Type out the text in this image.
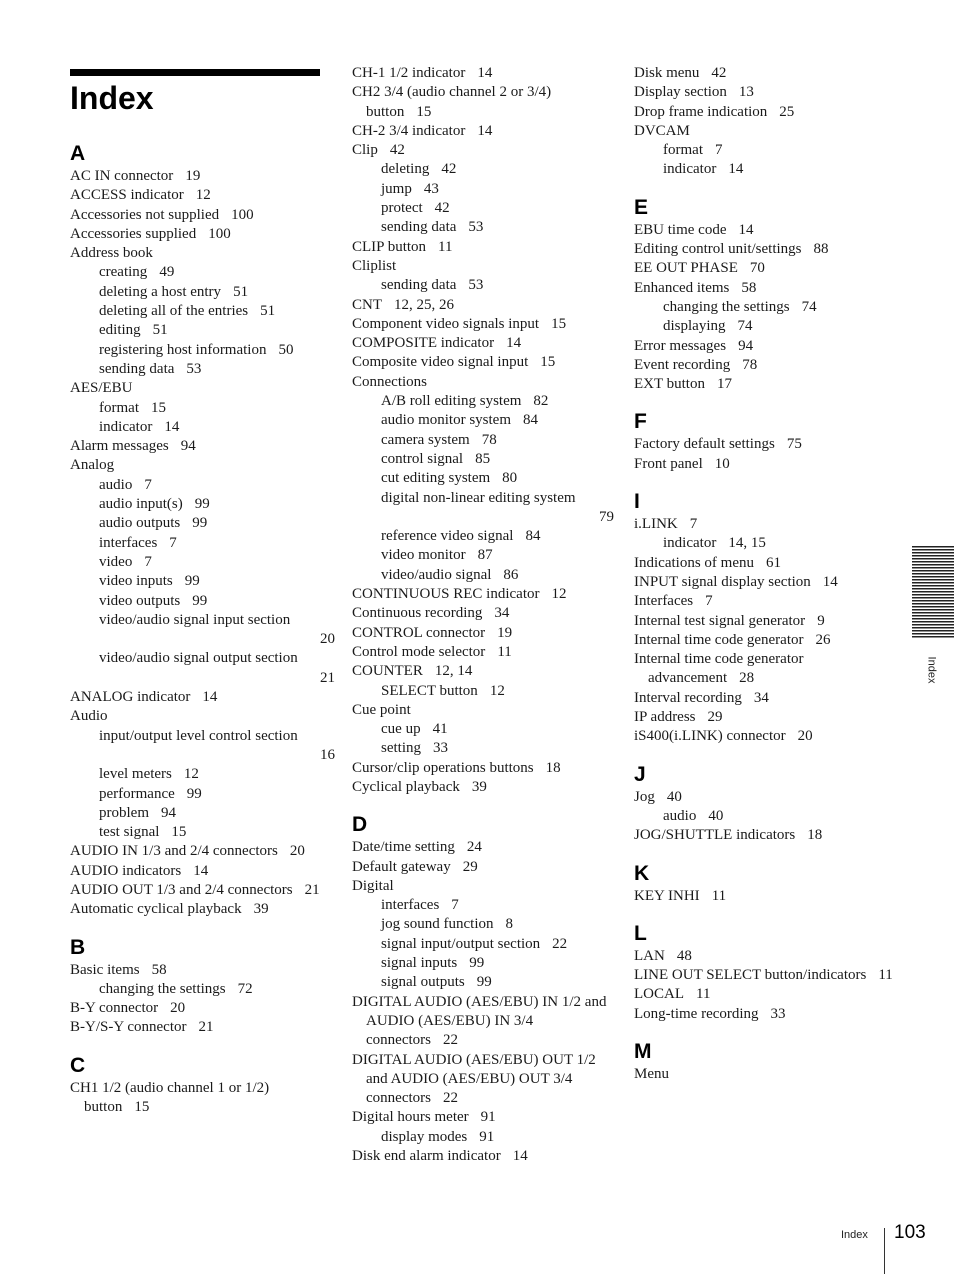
Index
A
AC IN connector 19
ACCESS indicator 12
Accessories not supplied 100
Accessories supplied 100
Address book
creating 49
deleting a host entry 51
deleting all of the entries 51
editing 51
registering host information 50
sending data 53
AES/EBU
format 15
indicator 14
Alarm messages 94
Analog
audio 7
audio input(s) 99
audio outputs 99
interfaces 7
video 7
video inputs 99
video outputs 99
video/audio signal input section
20
video/audio signal output section
21
ANALOG indicator 14
Audio
input/output level control section
16
level meters 12
performance 99
problem 94
test signal 15
AUDIO IN 1/3 and 2/4 connectors 20
AUDIO indicators 14
AUDIO OUT 1/3 and 2/4 connectors 21
Automatic cyclical playback 39
B
Basic items 58
changing the settings 72
B-Y connector 20
B-Y/S-Y connector 21
C
CH1 1/2 (audio channel 1 or 1/2) button 15
CH-1 1/2 indicator 14
CH2 3/4 (audio channel 2 or 3/4) button 15
CH-2 3/4 indicator 14
Clip 42
deleting 42
jump 43
protect 42
sending data 53
CLIP button 11
Cliplist
sending data 53
CNT 12, 25, 26
Component video signals input 15
COMPOSITE indicator 14
Composite video signal input 15
Connections
A/B roll editing system 82
audio monitor system 84
camera system 78
control signal 85
cut editing system 80
digital non-linear editing system
79
reference video signal 84
video monitor 87
video/audio signal 86
CONTINUOUS REC indicator 12
Continuous recording 34
CONTROL connector 19
Control mode selector 11
COUNTER 12, 14
SELECT button 12
Cue point
cue up 41
setting 33
Cursor/clip operations buttons 18
Cyclical playback 39
D
Date/time setting 24
Default gateway 29
Digital
interfaces 7
jog sound function 8
signal input/output section 22
signal inputs 99
signal outputs 99
DIGITAL AUDIO (AES/EBU) IN 1/2 and AUDIO (AES/EBU) IN 3/4 connectors 22
DIGITAL AUDIO (AES/EBU) OUT 1/2 and AUDIO (AES/EBU) OUT 3/4 connectors 22
Digital hours meter 91
display modes 91
Disk end alarm indicator 14
Disk menu 42
Display section 13
Drop frame indication 25
DVCAM
format 7
indicator 14
E
EBU time code 14
Editing control unit/settings 88
EE OUT PHASE 70
Enhanced items 58
changing the settings 74
displaying 74
Error messages 94
Event recording 78
EXT button 17
F
Factory default settings 75
Front panel 10
I
i.LINK 7
indicator 14, 15
Indications of menu 61
INPUT signal display section 14
Interfaces 7
Internal test signal generator 9
Internal time code generator 26
Internal time code generator advancement 28
Interval recording 34
IP address 29
iS400(i.LINK) connector 20
J
Jog 40
audio 40
JOG/SHUTTLE indicators 18
K
KEY INHI 11
L
LAN 48
LINE OUT SELECT button/indicators 11
LOCAL 11
Long-time recording 33
M
Menu
Index
Index 103
